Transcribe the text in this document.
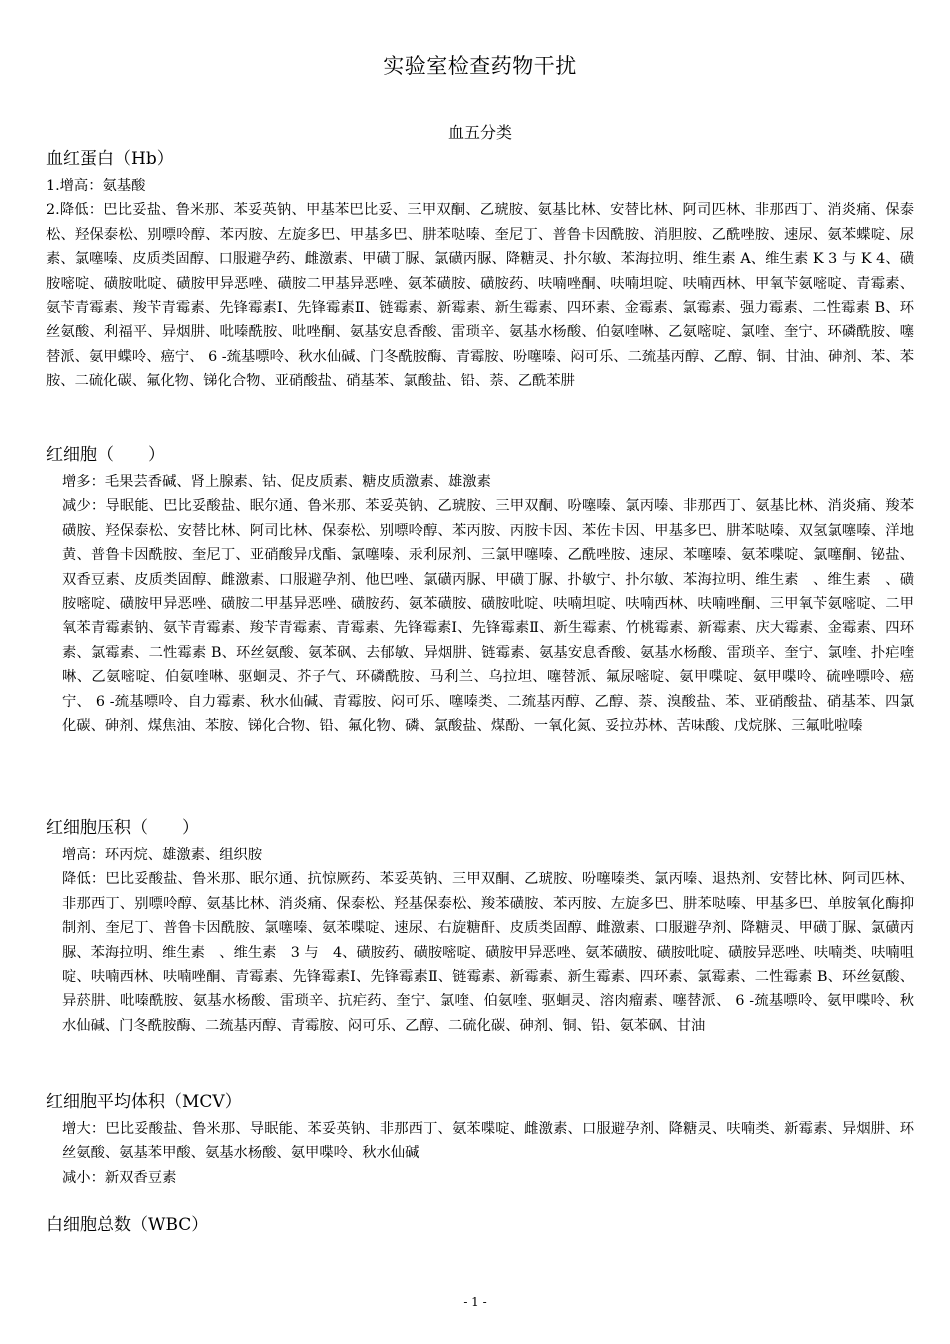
实验室检查药物干扰
血五分类
血红蛋白（Hb）

1.增高：氨基酸

2.降低：巴比妥盐、鲁米那、苯妥英钠、甲基苯巴比妥、三甲双酮、乙琥胺、氨基比林、安替比林、阿司匹林、非那西丁、消炎痛、保泰松、羟保泰松、别嘌呤醇、苯丙胺、左旋多巴、甲基多巴、肼苯哒嗪、奎尼丁、普鲁卡因酰胺、消胆胺、乙酰唑胺、速尿、氨苯蝶啶、尿素、氯噻嗪、皮质类固醇、口服避孕药、雌激素、甲磺丁脲、氯磺丙脲、降糖灵、扑尔敏、苯海拉明、维生素 A、维生素 K 3 与 K 4、磺胺嘧啶、磺胺吡啶、磺胺甲异恶唑、磺胺二甲基异恶唑、氨苯磺胺、磺胺药、呋喃唑酮、呋喃坦啶、呋喃西林、甲氧苄氨嘧啶、青霉素、氨苄青霉素、羧苄青霉素、先锋霉素Ⅰ、先锋霉素Ⅱ、链霉素、新霉素、新生霉素、四环素、金霉素、氯霉素、强力霉素、二性霉素 B、环丝氨酸、利福平、异烟肼、吡嗪酰胺、吡唑酮、氨基安息香酸、雷琐辛、氨基水杨酸、伯氨喹啉、乙氨嘧啶、氯喹、奎宁、环磷酰胺、噻替派、氨甲蝶呤、癌宁、 6 -巯基嘌呤、秋水仙碱、门冬酰胺酶、青霉胺、吩噻嗪、闷可乐、二巯基丙醇、乙醇、铜、甘油、砷剂、苯、苯胺、二硫化碳、氟化物、锑化合物、亚硝酸盐、硝基苯、氯酸盐、铅、萘、乙酰苯肼

红细胞（　　）

增多：毛果芸香碱、肾上腺素、钴、促皮质素、糖皮质激素、雄激素

减少：导眠能、巴比妥酸盐、眠尔通、鲁米那、苯妥英钠、乙琥胺、三甲双酮、吩噻嗪、氯丙嗪、非那西丁、氨基比林、消炎痛、羧苯磺胺、羟保泰松、安替比林、阿司比林、保泰松、别嘌呤醇、苯丙胺、丙胺卡因、苯佐卡因、甲基多巴、肼苯哒嗪、双氢氯噻嗪、洋地黄、普鲁卡因酰胺、奎尼丁、亚硝酸异戊酯、氯噻嗪、汞利尿剂、三氯甲噻嗪、乙酰唑胺、速尿、苯噻嗪、氨苯喋啶、氯噻酮、铋盐、双香豆素、皮质类固醇、雌激素、口服避孕剂、他巴唑、氯磺丙脲、甲磺丁脲、扑敏宁、扑尔敏、苯海拉明、维生素　、维生素　、磺胺嘧啶、磺胺甲异恶唑、磺胺二甲基异恶唑、磺胺药、氨苯磺胺、磺胺吡啶、呋喃坦啶、呋喃西林、呋喃唑酮、三甲氧苄氨嘧啶、二甲氧苯青霉素钠、氨苄青霉素、羧苄青霉素、青霉素、先锋霉素Ⅰ、先锋霉素Ⅱ、新生霉素、竹桃霉素、新霉素、庆大霉素、金霉素、四环素、氯霉素、二性霉素 B、环丝氨酸、氨苯砜、去郁敏、异烟肼、链霉素、氨基安息香酸、氨基水杨酸、雷琐辛、奎宁、氯喹、扑疟喹啉、乙氨嘧啶、伯氨喹啉、驱蛔灵、芥子气、环磷酰胺、马利兰、乌拉坦、噻替派、氟尿嘧啶、氨甲喋啶、氨甲喋呤、硫唑嘌呤、癌宁、 6 -巯基嘌呤、自力霉素、秋水仙碱、青霉胺、闷可乐、噻嗪类、二巯基丙醇、乙醇、萘、溴酸盐、苯、亚硝酸盐、硝基苯、四氯化碳、砷剂、煤焦油、苯胺、锑化合物、铅、氟化物、磷、氯酸盐、煤酚、一氧化氮、妥拉苏林、苦味酸、戊烷脒、三氟吡啦嗪

红细胞压积（　　）

增高：环丙烷、雄激素、组织胺

降低：巴比妥酸盐、鲁米那、眠尔通、抗惊厥药、苯妥英钠、三甲双酮、乙琥胺、吩噻嗪类、氯丙嗪、退热剂、安替比林、阿司匹林、非那西丁、别嘌呤醇、氨基比林、消炎痛、保泰松、羟基保泰松、羧苯磺胺、苯丙胺、左旋多巴、肼苯哒嗪、甲基多巴、单胺氧化酶抑制剂、奎尼丁、普鲁卡因酰胺、氯噻嗪、氨苯喋啶、速尿、右旋糖酐、皮质类固醇、雌激素、口服避孕剂、降糖灵、甲磺丁脲、氯磺丙脲、苯海拉明、维生素　、维生素　3 与　4、磺胺药、磺胺嘧啶、磺胺甲异恶唑、氨苯磺胺、磺胺吡啶、磺胺异恶唑、呋喃类、呋喃咀啶、呋喃西林、呋喃唑酮、青霉素、先锋霉素Ⅰ、先锋霉素Ⅱ、链霉素、新霉素、新生霉素、四环素、氯霉素、二性霉素 B、环丝氨酸、异菸肼、吡嗪酰胺、氨基水杨酸、雷琐辛、抗疟药、奎宁、氯喹、伯氨喹、驱蛔灵、溶肉瘤素、噻替派、 6 -巯基嘌呤、氨甲喋呤、秋水仙碱、门冬酰胺酶、二巯基丙醇、青霉胺、闷可乐、乙醇、二硫化碳、砷剂、铜、铅、氨苯砜、甘油

红细胞平均体积（MCV）

增大：巴比妥酸盐、鲁米那、导眠能、苯妥英钠、非那西丁、氨苯喋啶、雌激素、口服避孕剂、降糖灵、呋喃类、新霉素、异烟肼、环丝氨酸、氨基苯甲酸、氨基水杨酸、氨甲喋呤、秋水仙碱

减小：新双香豆素

白细胞总数（WBC）
- 1 -
